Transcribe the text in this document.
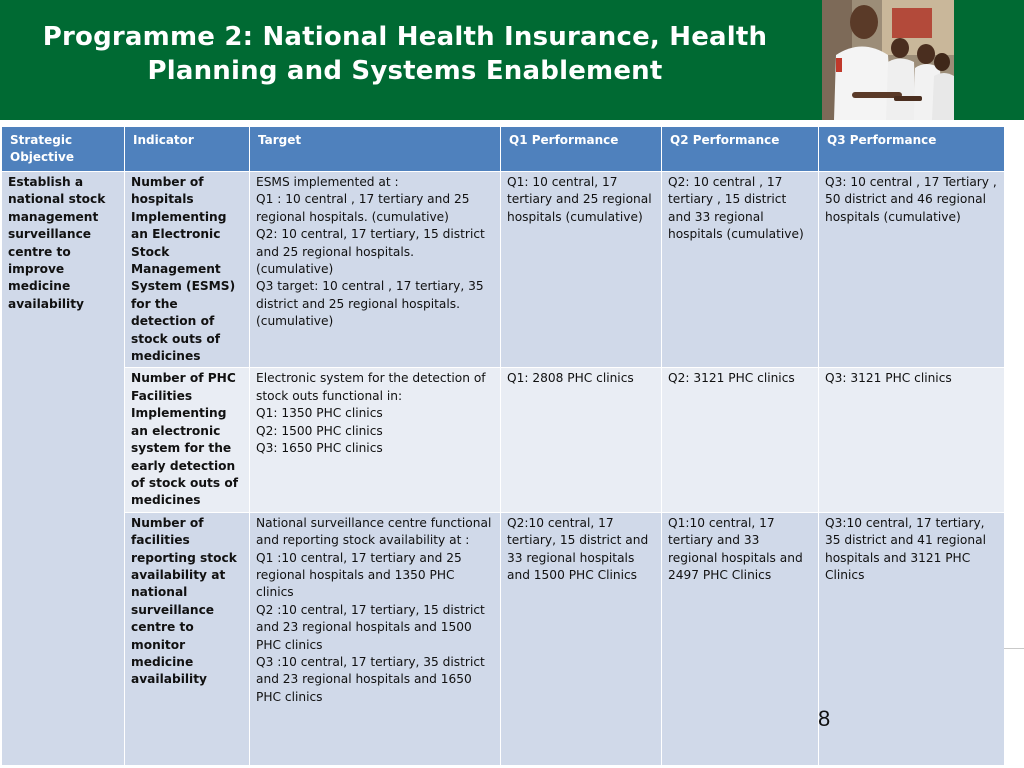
Programme 2: National Health Insurance, Health
Planning and Systems Enablement
Strategic Objective	Indicator	Target	Q1 Performance	Q2 Performance	Q3 Performance
Establish a national stock management surveillance centre to improve medicine availability	Number of hospitals Implementing an Electronic Stock Management System (ESMS) for the detection of stock outs of medicines	ESMS implemented at :
Q1 : 10 central , 17 tertiary and 25 regional hospitals. (cumulative)
Q2: 10 central, 17 tertiary, 15 district and 25 regional hospitals. (cumulative)
Q3 target: 10 central , 17 tertiary, 35 district and 25 regional hospitals. (cumulative)	Q1: 10 central, 17 tertiary and 25 regional hospitals (cumulative)	Q2: 10 central , 17 tertiary , 15 district and 33 regional hospitals (cumulative)	Q3: 10 central , 17 Tertiary , 50 district and 46 regional hospitals (cumulative)
	Number of PHC Facilities Implementing an electronic system for the early detection of stock outs of medicines	Electronic system for the detection of stock outs functional in:
Q1: 1350 PHC clinics
Q2: 1500 PHC clinics
Q3: 1650 PHC clinics	Q1: 2808 PHC clinics	Q2: 3121 PHC clinics	Q3: 3121 PHC clinics
	Number of facilities reporting stock availability at national surveillance centre to monitor medicine availability	National surveillance centre functional and reporting stock availability at :
Q1 :10 central, 17 tertiary and 25 regional hospitals and 1350 PHC clinics
Q2 :10 central, 17 tertiary, 15 district and 23 regional hospitals and 1500 PHC clinics
Q3 :10 central, 17 tertiary, 35 district and 23 regional hospitals and 1650 PHC clinics	Q2:10 central, 17 tertiary, 15 district and 33 regional hospitals and 1500 PHC Clinics	Q1:10 central, 17 tertiary and 33 regional hospitals and 2497 PHC Clinics	Q3:10 central, 17 tertiary, 35 district and 41 regional hospitals and 3121 PHC Clinics
8
